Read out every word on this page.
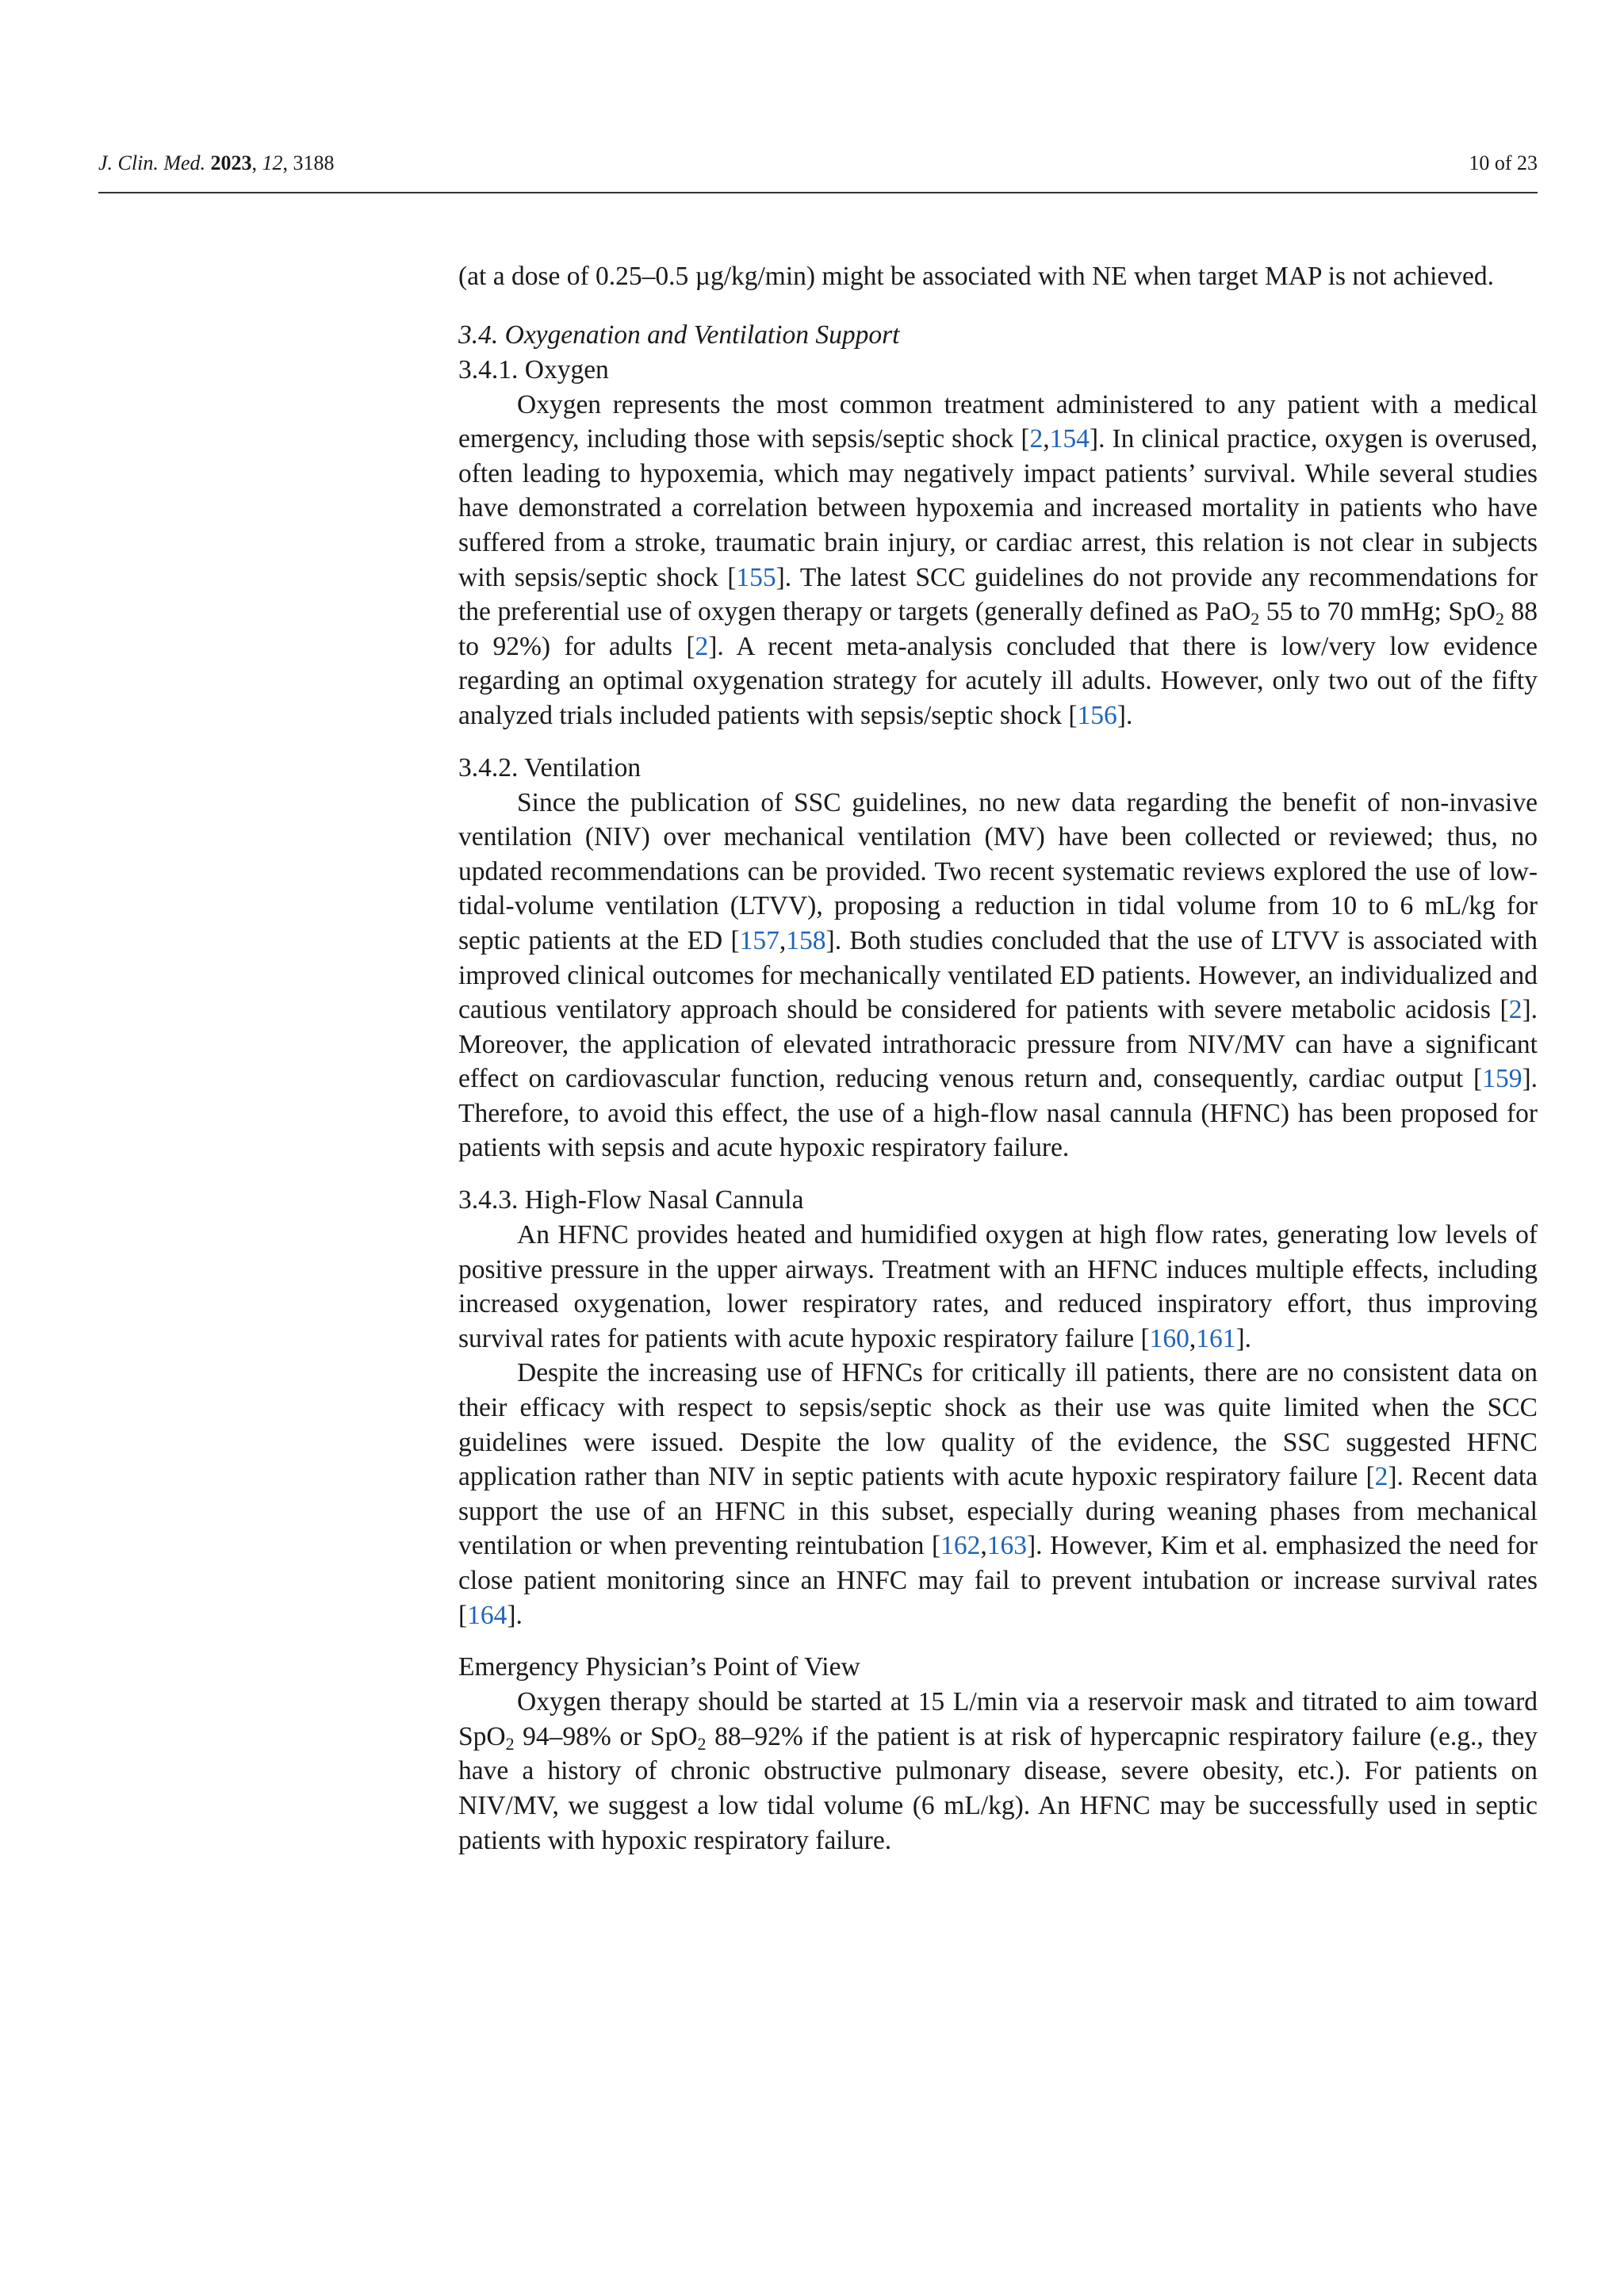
J. Clin. Med. 2023, 12, 3188	10 of 23

(at a dose of 0.25–0.5 µg/kg/min) might be associated with NE when target MAP is not achieved.

3.4. Oxygenation and Ventilation Support
3.4.1. Oxygen

Oxygen represents the most common treatment administered to any patient with a medical emergency, including those with sepsis/septic shock [2,154]. In clinical practice, oxygen is overused, often leading to hypoxemia, which may negatively impact patients’ survival. While several studies have demonstrated a correlation between hypoxemia and increased mortality in patients who have suffered from a stroke, traumatic brain injury, or cardiac arrest, this relation is not clear in subjects with sepsis/septic shock [155]. The latest SCC guidelines do not provide any recommendations for the preferential use of oxygen therapy or targets (generally defined as PaO$_2$ 55 to 70 mmHg; SpO$_2$ 88 to 92%) for adults [2]. A recent meta-analysis concluded that there is low/very low evidence regarding an optimal oxygenation strategy for acutely ill adults. However, only two out of the fifty analyzed trials included patients with sepsis/septic shock [156].

3.4.2. Ventilation

Since the publication of SSC guidelines, no new data regarding the benefit of non-invasive ventilation (NIV) over mechanical ventilation (MV) have been collected or reviewed; thus, no updated recommendations can be provided. Two recent systematic reviews explored the use of low-tidal-volume ventilation (LTVV), proposing a reduction in tidal volume from 10 to 6 mL/kg for septic patients at the ED [157,158]. Both studies concluded that the use of LTVV is associated with improved clinical outcomes for mechanically ventilated ED patients. However, an individualized and cautious ventilatory approach should be considered for patients with severe metabolic acidosis [2]. Moreover, the application of elevated intrathoracic pressure from NIV/MV can have a significant effect on cardiovascular function, reducing venous return and, consequently, cardiac output [159]. Therefore, to avoid this effect, the use of a high-flow nasal cannula (HFNC) has been proposed for patients with sepsis and acute hypoxic respiratory failure.

3.4.3. High-Flow Nasal Cannula

An HFNC provides heated and humidified oxygen at high flow rates, generating low levels of positive pressure in the upper airways. Treatment with an HFNC induces multiple effects, including increased oxygenation, lower respiratory rates, and reduced inspiratory effort, thus improving survival rates for patients with acute hypoxic respiratory failure [160,161].

Despite the increasing use of HFNCs for critically ill patients, there are no consistent data on their efficacy with respect to sepsis/septic shock as their use was quite limited when the SCC guidelines were issued. Despite the low quality of the evidence, the SSC suggested HFNC application rather than NIV in septic patients with acute hypoxic respiratory failure [2]. Recent data support the use of an HFNC in this subset, especially during weaning phases from mechanical ventilation or when preventing reintubation [162,163]. However, Kim et al. emphasized the need for close patient monitoring since an HNFC may fail to prevent intubation or increase survival rates [164].

Emergency Physician’s Point of View

Oxygen therapy should be started at 15 L/min via a reservoir mask and titrated to aim toward SpO$_2$ 94–98% or SpO$_2$ 88–92% if the patient is at risk of hypercapnic respiratory failure (e.g., they have a history of chronic obstructive pulmonary disease, severe obesity, etc.). For patients on NIV/MV, we suggest a low tidal volume (6 mL/kg). An HFNC may be successfully used in septic patients with hypoxic respiratory failure.
